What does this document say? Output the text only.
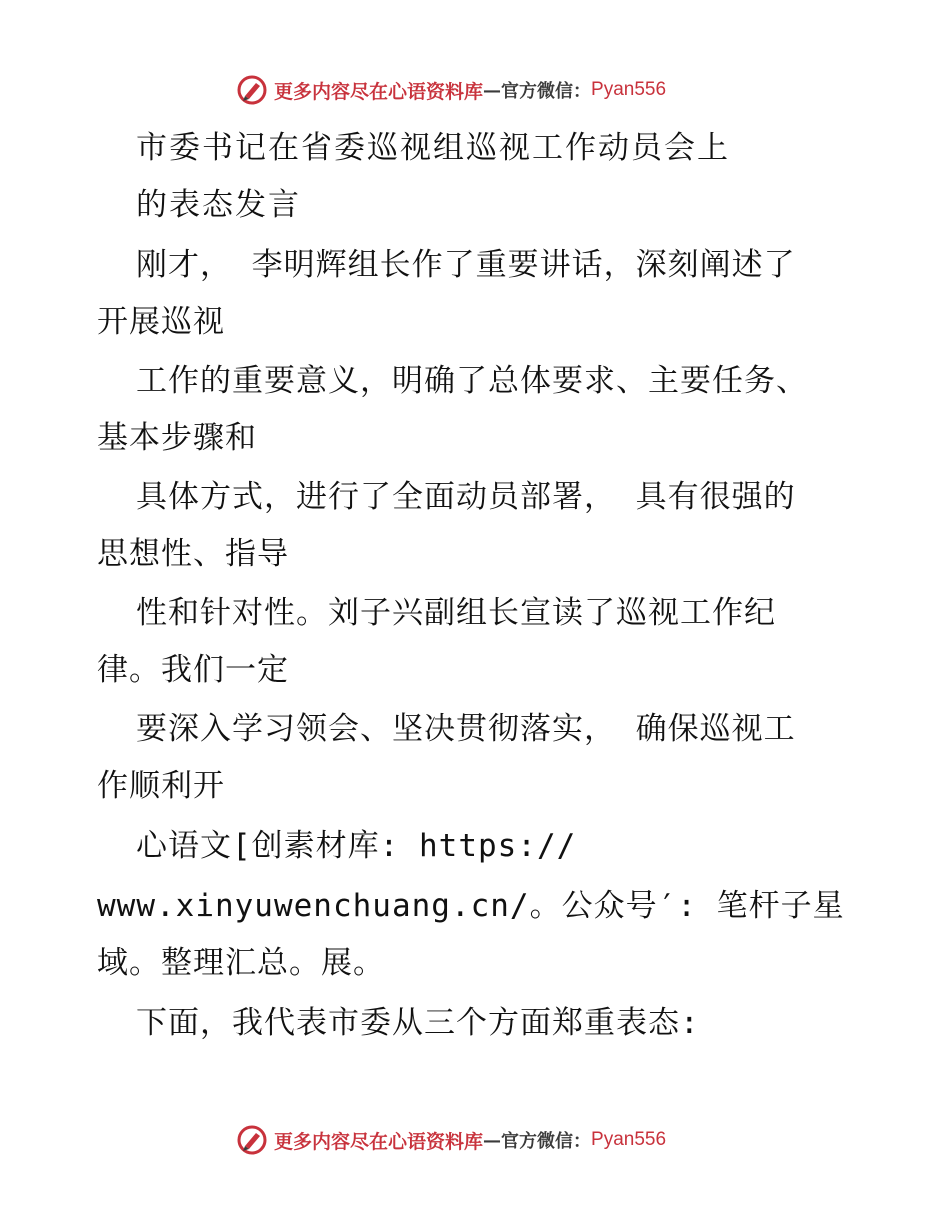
更多内容尽在心语资料库 — 官方微信： Pyan556
市委书记在省委巡视组巡视工作动员会上
的表态发言
刚才， 李明辉组长作了重要讲话，深刻阐述了
开展巡视
工作的重要意义，明确了总体要求、主要任务、
基本步骤和
具体方式，进行了全面动员部署， 具有很强的
思想性、指导
性和针对性。刘子兴副组长宣读了巡视工作纪
律。我们一定
要深入学习领会、坚决贯彻落实， 确保巡视工
作顺利开
心语文[创素材库: https://
www.xinyuwenchuang.cn/。公众号′: 笔杆子星
域。整理汇总。展。
下面，我代表市委从三个方面郑重表态:
更多内容尽在心语资料库 — 官方微信： Pyan556
